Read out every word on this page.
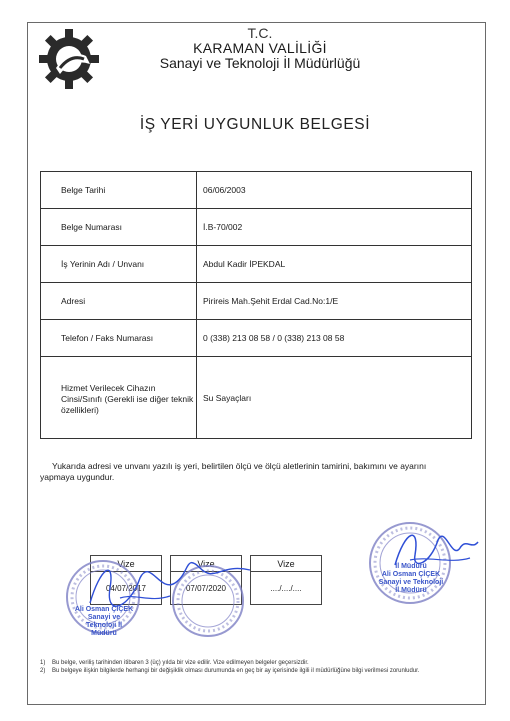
T.C.
KARAMAN VALİLİĞİ
Sanayi ve Teknoloji İl Müdürlüğü
İŞ YERİ UYGUNLUK BELGESİ
Belge Tarihi	06/06/2003
Belge Numarası	İ.B-70/002
İş Yerinin Adı / Unvanı	Abdul Kadir İPEKDAL
Adresi	Pirireis Mah.Şehit Erdal Cad.No:1/E
Telefon / Faks Numarası	0 (338) 213 08 58 / 0 (338) 213 08 58
Hizmet Verilecek Cihazın Cinsi/Sınıfı (Gerekli ise diğer teknik özellikleri)	Su Sayaçları
Yukarıda adresi ve unvanı yazılı iş yeri, belirtilen ölçü ve ölçü aletlerinin tamirini, bakımını ve ayarını yapmaya uygundur.
Vize		Vize		Vize
04/07/2017		07/07/2020		..../..../....
Ali Osman ÇİÇEK
Sanayi ve Teknoloji İl Müdürü
İl Müdürü
Ali Osman ÇİÇEK
Sanayi ve Teknoloji İl Müdürü
1)	Bu belge, veriliş tarihinden itibaren 3 (üç) yılda bir vize edilir. Vize edilmeyen belgeler geçersizdir.
2)	Bu belgeye ilişkin bilgilerde herhangi bir değişiklik olması durumunda en geç bir ay içerisinde ilgili il müdürlüğüne bilgi verilmesi zorunludur.
